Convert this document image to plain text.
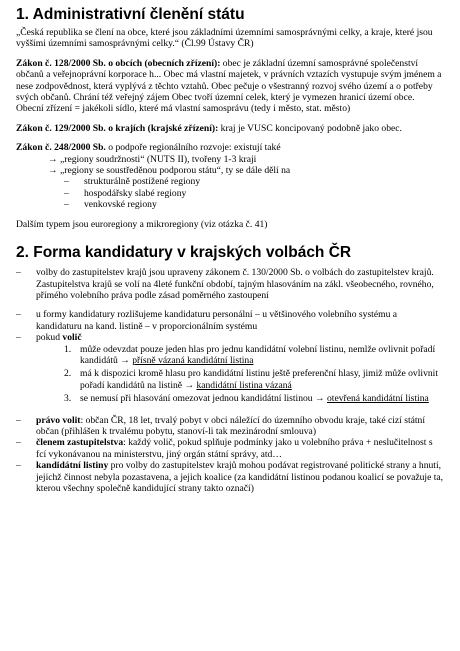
1. Administrativní členění státu

„Česká republika se člení na obce, které jsou základními územními samosprávnými celky, a kraje, které jsou vyššími územními samosprávnými celky.“ (Čl.99 Ústavy ČR)

Zákon č. 128/2000 Sb. o obcích (obecních zřízení): obec je základní územní samosprávné společenství občanů a veřejnoprávní korporace h... Obec má vlastní majetek, v právních vztazích vystupuje svým jménem a nese zodpovědnost, která vyplývá z těchto vztahů. Obec pečuje o všestranný rozvoj svého území a o potřeby svých občanů. Chrání též veřejný zájem Obec tvoří územní celek, který je vymezen hranicí území obce. Obecní zřízení = jakékoli sídlo, které má vlastní samosprávu (tedy i město, stat. město)

Zákon č. 129/2000 Sb. o krajích (krajské zřízení): kraj je VUSC koncipovaný podobně jako obec.

Zákon č. 248/2000 Sb. o podpoře regionálního rozvoje: existují také
→ „regiony soudržnosti“ (NUTS II), tvořeny 1-3 kraji
→ „regiony se soustředěnou podporou státu“, ty se dále dělí na
– strukturálně postižené regiony
– hospodářsky slabé regiony
– venkovské regiony

Dalším typem jsou euroregiony a mikroregiony (viz otázka č. 41)

2. Forma kandidatury v krajských volbách ČR
– volby do zastupitelstev krajů jsou upraveny zákonem č. 130/2000 Sb. o volbách do zastupitelstev krajů. Zastupitelstva krajů se volí na 4leté funkční období, tajným hlasováním na zákl. všeobecného, rovného, přímého volebního práva podle zásad poměrného zastoupení
– u formy kandidatury rozlišujeme kandidaturu personální – u většinového volebního systému a kandidaturu na kand. listině – v proporcionálním systému
– pokud volič
1. může odevzdat pouze jeden hlas pro jednu kandidátní volební listinu, nemlže ovlivnit pořadí kandidátů → přísně vázaná kandidátní listina
2. má k dispozici kromě hlasu pro kandidátní listinu ještě preferenční hlasy, jimiž může ovlivnit pořadí kandidátů na listině → kandidátní listina vázaná
3. se nemusí při hlasování omezovat jednou kandidátní listinou → otevřená kandidátní listina
– právo volit: občan ČR, 18 let, trvalý pobyt v obci náležící do územního obvodu kraje, také cizí státní občan (přihlášen k trvalému pobytu, stanoví-li tak mezinárodní smlouva)
– členem zastupitelstva: každý volič, pokud splňuje podmínky jako u volebního práva + neslučitelnost s fcí vykonávanou na ministerstvu, jiný orgán státní správy, atd…
– kandidátní listiny pro volby do zastupitelstev krajů mohou podávat registrované politické strany a hnutí, jejichž činnost nebyla pozastavena, a jejich koalice (za kandidátní listinou podanou koalicí se považuje ta, kterou všechny společně kandidující strany takto označí)
